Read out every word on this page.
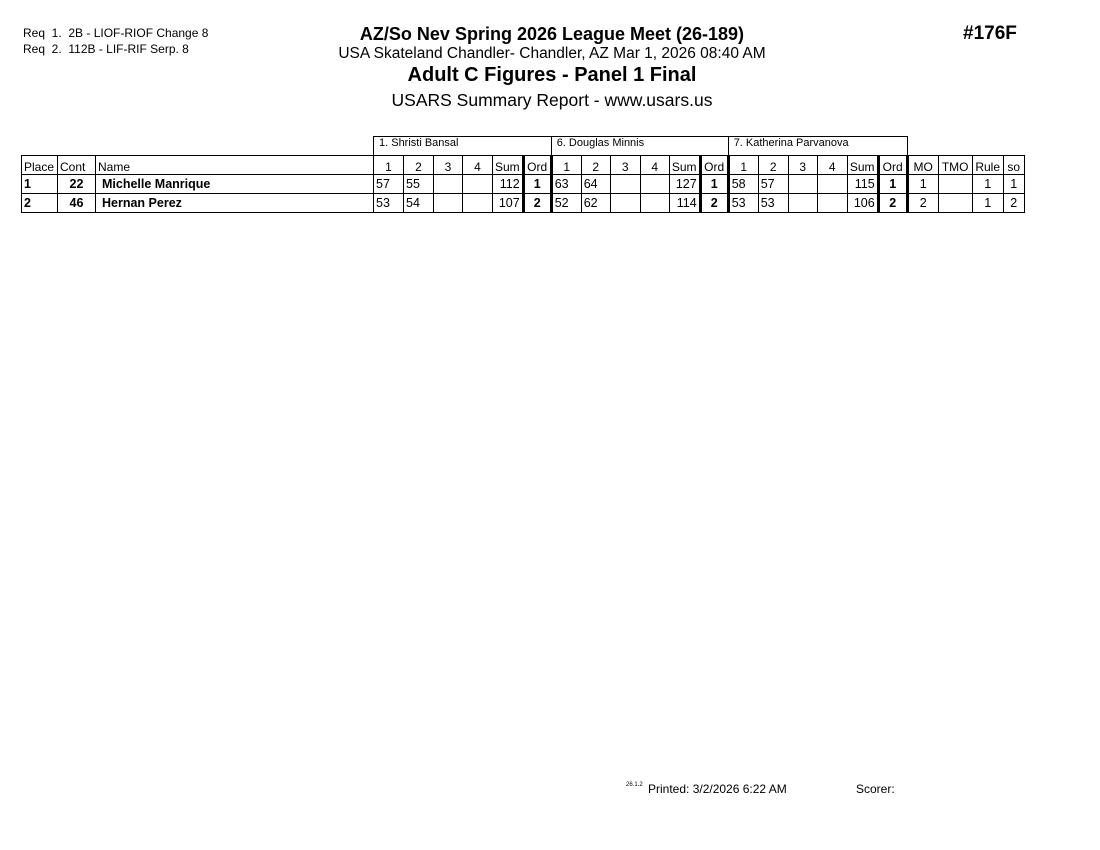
Req  1.  2B - LIOF-RIOF Change 8
Req  2.  112B - LIF-RIF Serp. 8
AZ/So Nev Spring 2026 League Meet (26-189)
USA Skateland Chandler- Chandler, AZ Mar 1, 2026 08:40 AM
Adult C Figures - Panel 1 Final
USARS Summary Report - www.usars.us
#176F
			1. Shristi Bansal						6. Douglas Minnis						7. Katherina Parvanova									
Place	Cont	Name	1	2	3	4	Sum	Ord	1	2	3	4	Sum	Ord	1	2	3	4	Sum	Ord	MO	TMO	Rule	so
1	22	Michelle Manrique	57	55			112	1	63	64			127	1	58	57			115	1	1		1	1
2	46	Hernan Perez	53	54			107	2	52	62			114	2	53	53			106	2	2		1	2
26.1.2 Printed: 3/2/2026 6:22 AM	Scorer:
